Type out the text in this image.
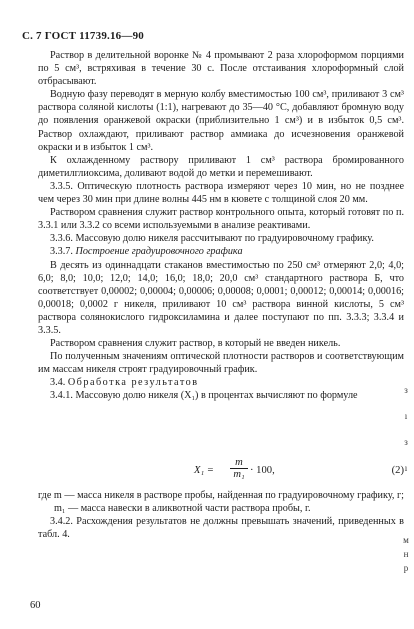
С. 7 ГОСТ 11739.16—90

Раствор в делительной воронке № 4 промывают 2 раза хлороформом порциями по 5 см³, встряхивая в течение 30 с. После отстаивания хлороформный слой отбрасывают.

Водную фазу переводят в мерную колбу вместимостью 100 см³, приливают 3 см³ раствора соляной кислоты (1:1), нагревают до 35—40 °С, добавляют бромную воду до появления оранжевой окраски (приблизительно 1 см³) и в избыток 0,5 см³. Раствор охлаждают, приливают раствор аммиака до исчезновения оранжевой окраски и в избыток 1 см³.

К охлажденному раствору приливают 1 см³ раствора бромированного диметилглиоксима, доливают водой до метки и перемешивают.

3.3.5. Оптическую плотность раствора измеряют через 10 мин, но не позднее чем через 30 мин при длине волны 445 нм в кювете с толщиной слоя 20 мм.

Раствором сравнения служит раствор контрольного опыта, который готовят по п. 3.3.1 или 3.3.2 со всеми используемыми в анализе реактивами.

3.3.6. Массовую долю никеля рассчитывают по градуировочному графику.

3.3.7. Построение градуировочного графика

В десять из одиннадцати стаканов вместимостью по 250 см³ отмеряют 2,0; 4,0; 6,0; 8,0; 10,0; 12,0; 14,0; 16,0; 18,0; 20,0 см³ стандартного раствора Б, что соответствует 0,00002; 0,00004; 0,00006; 0,00008; 0,0001; 0,00012; 0,00014; 0,00016; 0,00018; 0,0002 г никеля, приливают 10 см³ раствора винной кислоты, 5 см³ раствора солянокислого гидроксиламина и далее поступают по пп. 3.3.3; 3.3.4 и 3.3.5.

Раствором сравнения служит раствор, в который не введен никель.

По полученным значениям оптической плотности растворов и соответствующим им массам никеля строят градуировочный график.

3.4. Обработка результатов

3.4.1. Массовую долю никеля (X₁) в процентах вычисляют по формуле

$X_1 = \frac{m}{\text{m₁}} \cdot 100$,	(2)

где m — масса никеля в растворе пробы, найденная по градуировочному графику, г;

m₁ — масса навески в аликвотной части раствора пробы, г.

3.4.2. Расхождения результатов не должны превышать значений, приведенных в табл. 4.

60
з
ı
з
ı
м
н
р
